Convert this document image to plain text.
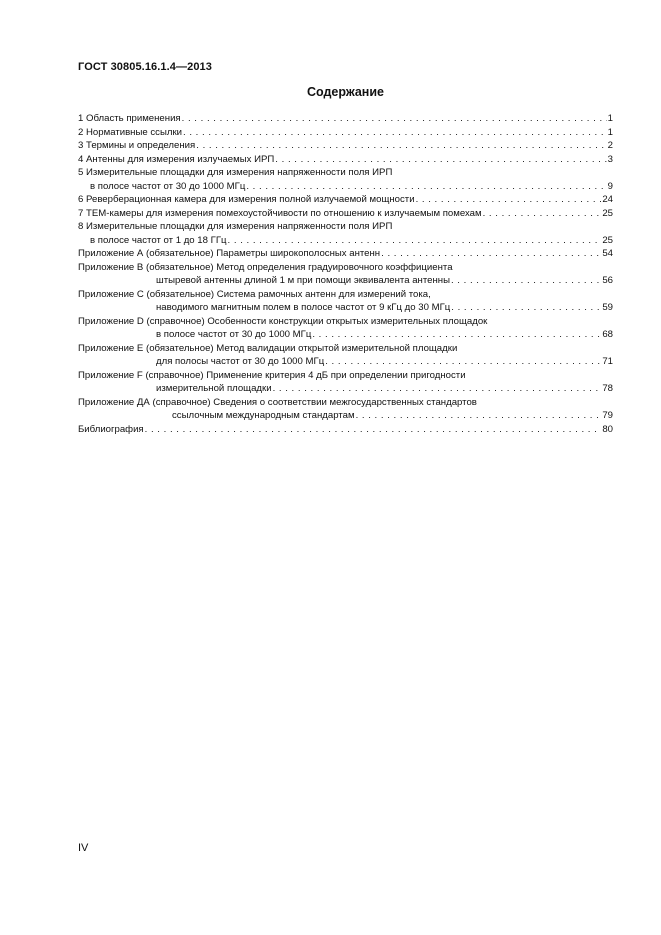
ГОСТ 30805.16.1.4—2013
Содержание
1 Область применения . . .	1
2 Нормативные ссылки . . .	1
3 Термины и определения . . .	2
4 Антенны для измерения излучаемых ИРП . . .	3
5 Измерительные площадки для измерения напряженности поля ИРП
в полосе частот от 30 до 1000 МГц . . .	9
6 Реверберационная камера для измерения полной излучаемой мощности . . .	24
7 ТЕМ-камеры для измерения помехоустойчивости по отношению к излучаемым помехам . . .	25
8 Измерительные площадки для измерения напряженности поля ИРП
в полосе частот от 1 до 18 ГГц . . .	25
Приложение А (обязательное) Параметры широкополосных антенн . . .	54
Приложение В (обязательное) Метод определения градуировочного коэффициента
штыревой антенны длиной 1 м при помощи эквивалента антенны . . .	56
Приложение С (обязательное) Система рамочных антенн для измерений тока,
наводимого магнитным полем в полосе частот от 9 кГц до 30 МГц . . .	59
Приложение D (справочное) Особенности конструкции открытых измерительных площадок
в полосе частот от 30 до 1000 МГц . . .	68
Приложение Е (обязательное) Метод валидации открытой измерительной площадки
для полосы частот от 30 до 1000 МГц . . .	71
Приложение F (справочное) Применение критерия 4 дБ при определении пригодности
измерительной площадки . . .	78
Приложение ДА (справочное) Сведения о соответствии межгосударственных стандартов
ссылочным международным стандартам . . .	79
Библиография . . .	80
IV
